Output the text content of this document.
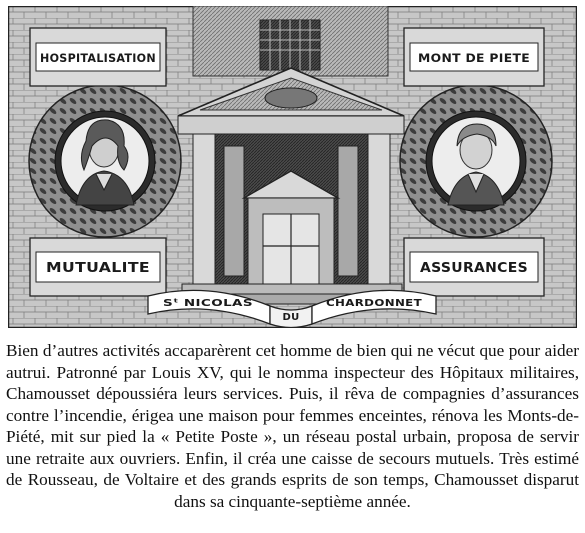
HOSPITALISATION	MONT DE PIETE
MUTUALITE	ASSURANCES
Sᵗ NICOLAS
DU
CHARDONNET

Bien d’autres activités accaparèrent cet homme de bien qui ne vécut que pour aider autrui. Patronné par Louis XV, qui le nomma inspecteur des Hôpitaux militaires, Chamousset dépoussiéra leurs services. Puis, il rêva de compagnies d’assurances contre l’incendie, érigea une maison pour femmes enceintes, rénova les Monts-de-Piété, mit sur pied la « Petite Poste », un réseau postal urbain, proposa de servir une retraite aux ouvriers. Enfin, il créa une caisse de secours mutuels. Très estimé de Rousseau, de Voltaire et des grands esprits de son temps, Chamousset disparut dans sa cinquante-septième année.
